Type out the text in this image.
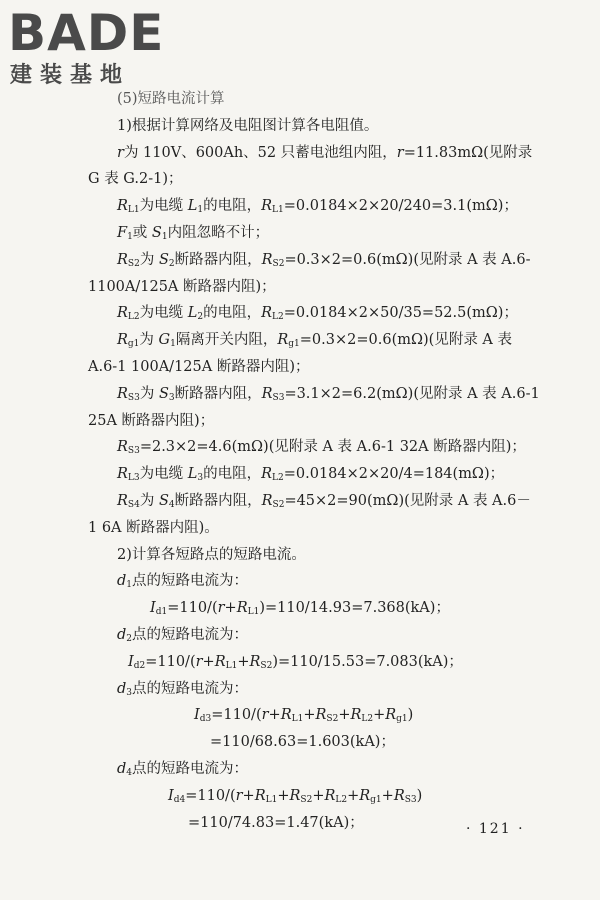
BADE
建装基地

(5)短路电流计算

1)根据计算网络及电阻图计算各电阻值。

r为 110V、600Ah、52 只蓄电池组内阻，r=11.83mΩ(见附录 G 表 G.2-1)；

$R_{L1}$为电缆 $L_1$的电阻，$R_{L1}=0.0184\times 2\times 20/240=3.1(m\Omega)$；

$F_1$或 $S_1$内阻忽略不计；

$R_{S2}$为 $S_2$断路器内阻，$R_{S2}=0.3\times 2=0.6(m\Omega)$(见附录 A 表 A.6-1100A/125A 断路器内阻)；

$R_{L2}$为电缆 $L_2$的电阻，$R_{L2}=0.0184\times 2\times 50/35=52.5(m\Omega)$；

$R_{g1}$为 $G_1$隔离开关内阻，$R_{g1}=0.3\times 2=0.6(m\Omega)$(见附录 A 表 A.6-1 100A/125A 断路器内阻)；

$R_{S3}$为 $S_3$断路器内阻，$R_{S3}=3.1\times 2=6.2(m\Omega)$(见附录 A 表 A.6-1 25A 断路器内阻)；

$R_{S3}=2.3\times 2=4.6(m\Omega)$(见附录 A 表 A.6-1 32A 断路器内阻)；

$R_{L3}$为电缆 $L_3$的电阻，$R_{L2}=0.0184\times 2\times 20/4=184(m\Omega)$；

$R_{S4}$为 $S_4$断路器内阻，$R_{S2}=45\times 2=90(m\Omega)$(见附录 A 表 A.6－1 6A 断路器内阻)。

2)计算各短路点的短路电流。

$d_1$点的短路电流为：

$I_{d1}=110/(r+R_{L1})=110/14.93=7.368(kA)$；

$d_2$点的短路电流为：

$I_{d2}=110/(r+R_{L1}+R_{S2})=110/15.53=7.083(kA)$；

$d_3$点的短路电流为：

$I_{d3}=110/(r+R_{L1}+R_{S2}+R_{L2}+R_{g1})$

=110/68.63=1.603(kA)；

$d_4$点的短路电流为：

$I_{d4}=110/(r+R_{L1}+R_{S2}+R_{L2}+R_{g1}+R_{S3})$

=110/74.83=1.47(kA)；	· 121 ·
